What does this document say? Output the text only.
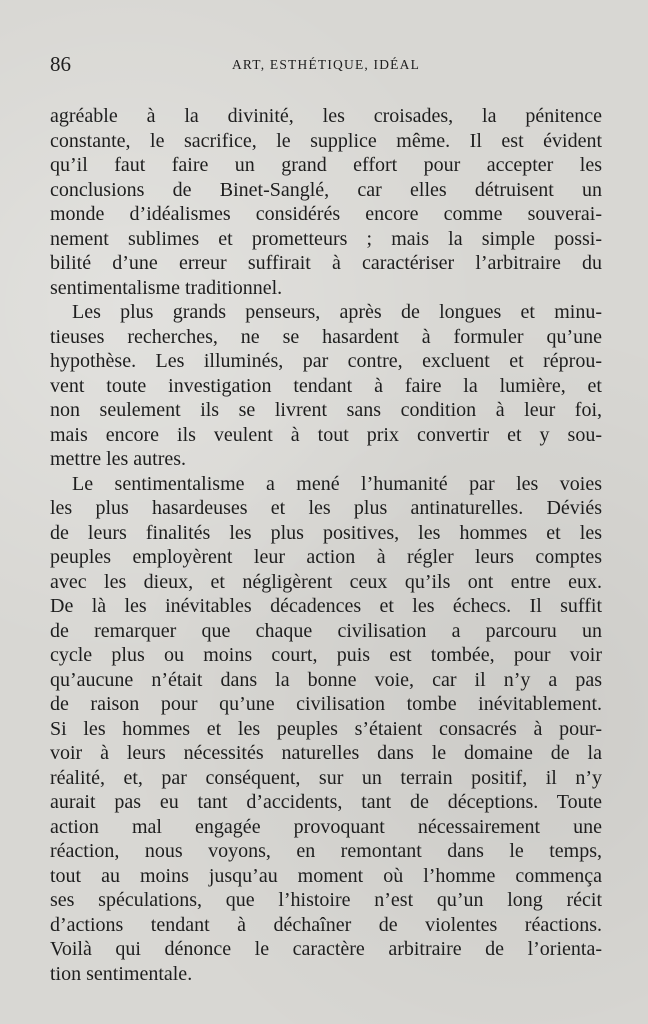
86	ART, ESTHÉTIQUE, IDÉAL
agréable à la divinité, les croisades, la pénitence
constante, le sacrifice, le supplice même. Il est évident
qu’il faut faire un grand effort pour accepter les
conclusions de Binet-Sanglé, car elles détruisent un
monde d’idéalismes considérés encore comme souverai-
nement sublimes et prometteurs ; mais la simple possi-
bilité d’une erreur suffirait à caractériser l’arbitraire du
sentimentalisme traditionnel.
Les plus grands penseurs, après de longues et minu-
tieuses recherches, ne se hasardent à formuler qu’une
hypothèse. Les illuminés, par contre, excluent et réprou-
vent toute investigation tendant à faire la lumière, et
non seulement ils se livrent sans condition à leur foi,
mais encore ils veulent à tout prix convertir et y sou-
mettre les autres.
Le sentimentalisme a mené l’humanité par les voies
les plus hasardeuses et les plus antinaturelles. Déviés
de leurs finalités les plus positives, les hommes et les
peuples employèrent leur action à régler leurs comptes
avec les dieux, et négligèrent ceux qu’ils ont entre eux.
De là les inévitables décadences et les échecs. Il suffit
de remarquer que chaque civilisation a parcouru un
cycle plus ou moins court, puis est tombée, pour voir
qu’aucune n’était dans la bonne voie, car il n’y a pas
de raison pour qu’une civilisation tombe inévitablement.
Si les hommes et les peuples s’étaient consacrés à pour-
voir à leurs nécessités naturelles dans le domaine de la
réalité, et, par conséquent, sur un terrain positif, il n’y
aurait pas eu tant d’accidents, tant de déceptions. Toute
action mal engagée provoquant nécessairement une
réaction, nous voyons, en remontant dans le temps,
tout au moins jusqu’au moment où l’homme commença
ses spéculations, que l’histoire n’est qu’un long récit
d’actions tendant à déchaîner de violentes réactions.
Voilà qui dénonce le caractère arbitraire de l’orienta-
tion sentimentale.
